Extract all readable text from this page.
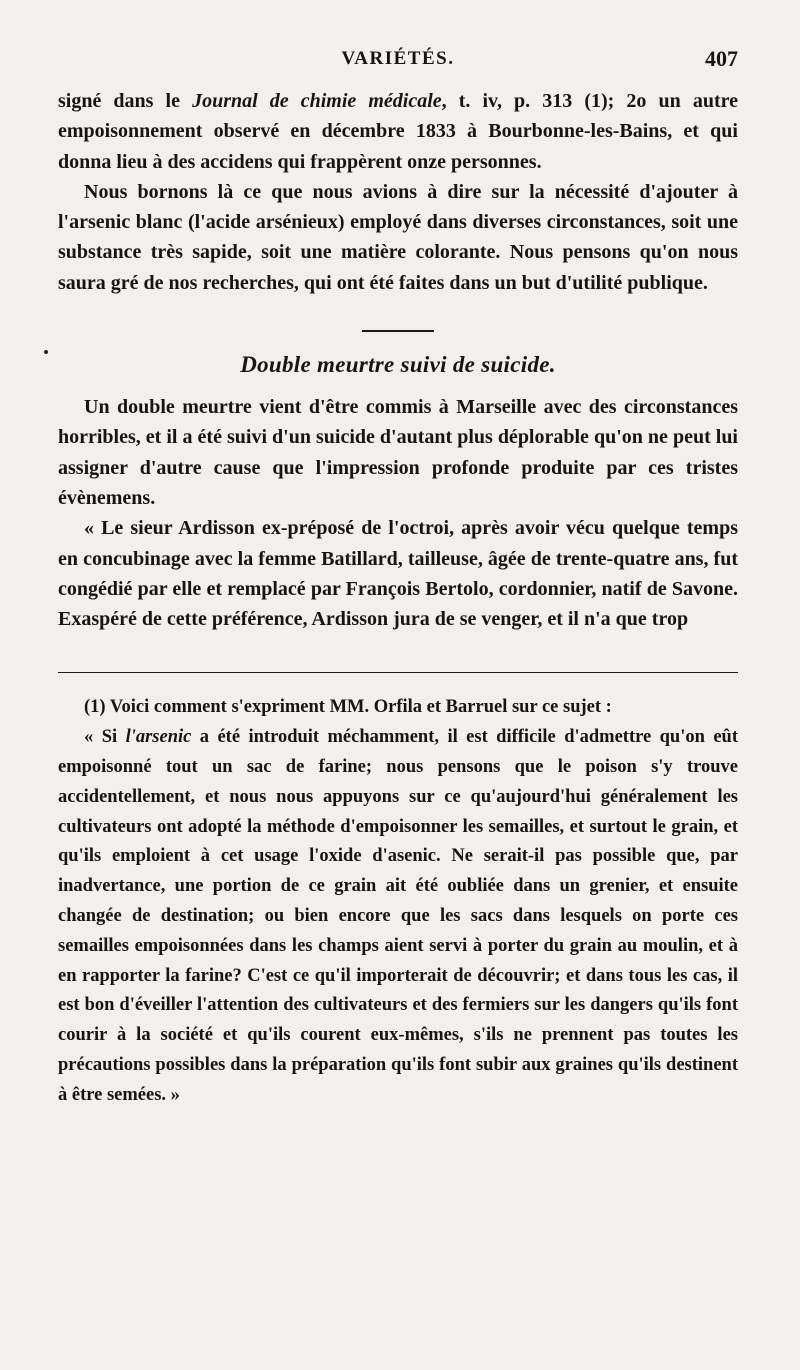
VARIÉTÉS.	407

signé dans le Journal de chimie médicale, t. iv, p. 313 (1); 2o un autre empoisonnement observé en décembre 1833 à Bourbonne-les-Bains, et qui donna lieu à des accidens qui frappèrent onze personnes.

Nous bornons là ce que nous avions à dire sur la nécessité d'ajouter à l'arsenic blanc (l'acide arsénieux) employé dans diverses circonstances, soit une substance très sapide, soit une matière colorante. Nous pensons qu'on nous saura gré de nos recherches, qui ont été faites dans un but d'utilité publique.

Double meurtre suivi de suicide.

Un double meurtre vient d'être commis à Marseille avec des circonstances horribles, et il a été suivi d'un suicide d'autant plus déplorable qu'on ne peut lui assigner d'autre cause que l'impression profonde produite par ces tristes évènemens.

« Le sieur Ardisson ex-préposé de l'octroi, après avoir vécu quelque temps en concubinage avec la femme Batillard, tailleuse, âgée de trente-quatre ans, fut congédié par elle et remplacé par François Bertolo, cordonnier, natif de Savone. Exaspéré de cette préférence, Ardisson jura de se venger, et il n'a que trop

(1) Voici comment s'expriment MM. Orfila et Barruel sur ce sujet :

« Si l'arsenic a été introduit méchamment, il est difficile d'admettre qu'on eût empoisonné tout un sac de farine; nous pensons que le poison s'y trouve accidentellement, et nous nous appuyons sur ce qu'aujourd'hui généralement les cultivateurs ont adopté la méthode d'empoisonner les semailles, et surtout le grain, et qu'ils emploient à cet usage l'oxide d'asenic. Ne serait-il pas possible que, par inadvertance, une portion de ce grain ait été oubliée dans un grenier, et ensuite changée de destination; ou bien encore que les sacs dans lesquels on porte ces semailles empoisonnées dans les champs aient servi à porter du grain au moulin, et à en rapporter la farine? C'est ce qu'il importerait de découvrir; et dans tous les cas, il est bon d'éveiller l'attention des cultivateurs et des fermiers sur les dangers qu'ils font courir à la société et qu'ils courent eux-mêmes, s'ils ne prennent pas toutes les précautions possibles dans la préparation qu'ils font subir aux graines qu'ils destinent à être semées. »
